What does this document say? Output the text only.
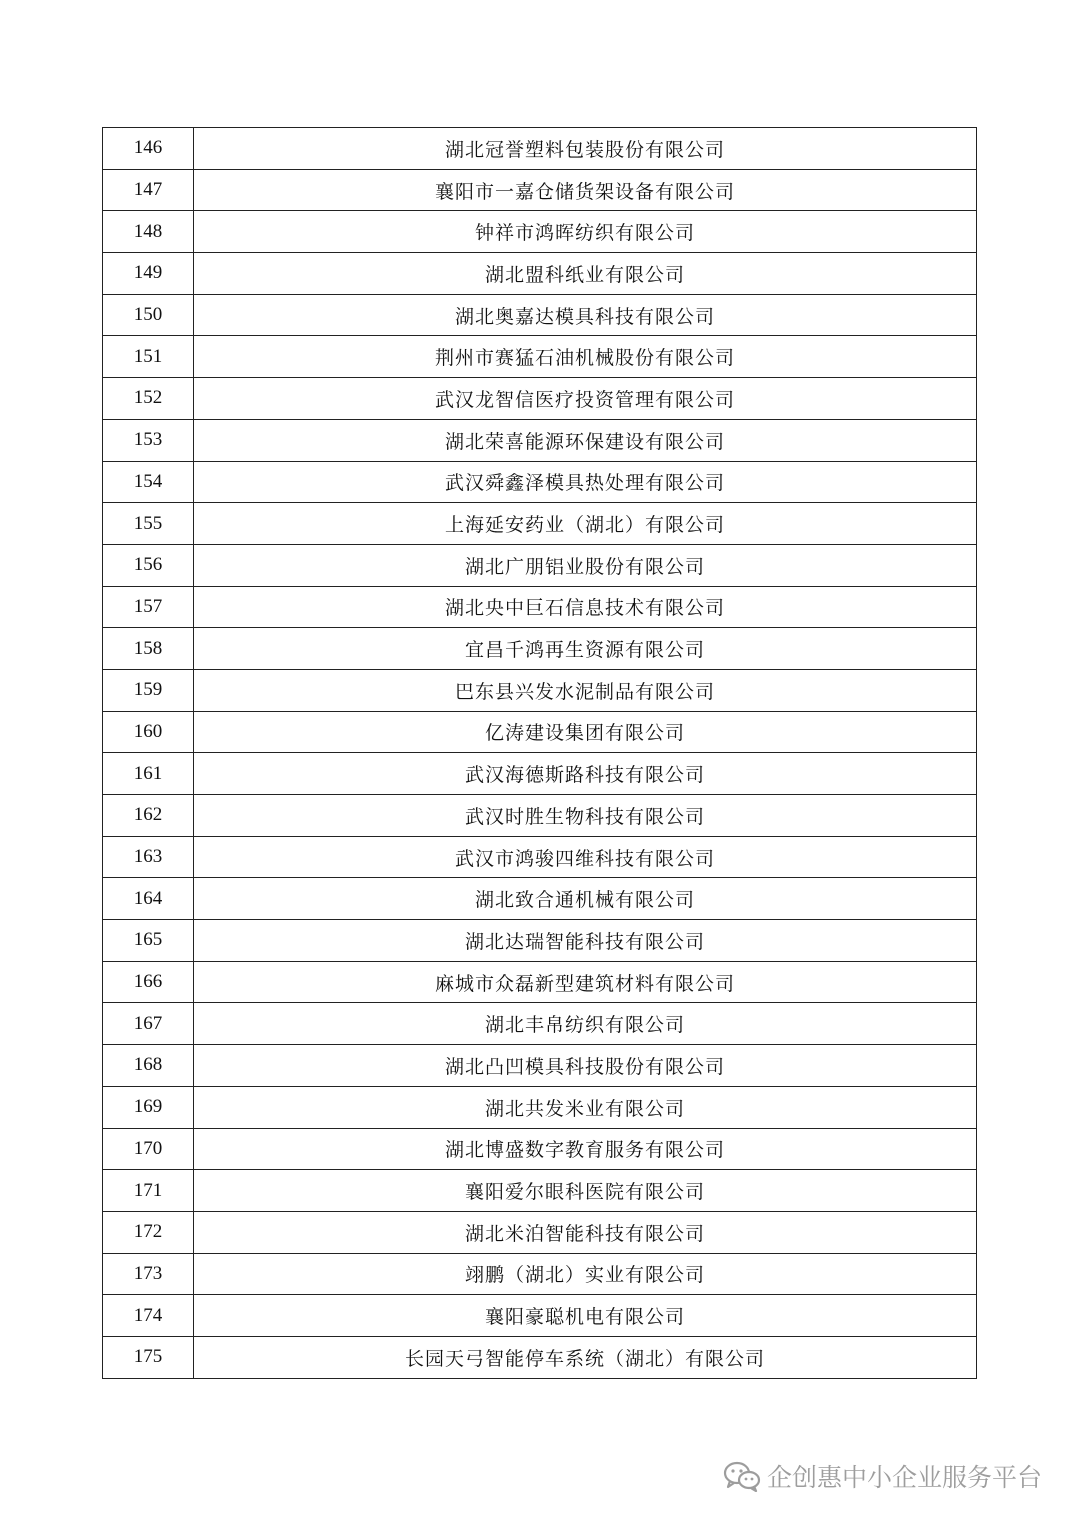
146	湖北冠誉塑料包装股份有限公司
147	襄阳市一嘉仓储货架设备有限公司
148	钟祥市鸿晖纺织有限公司
149	湖北盟科纸业有限公司
150	湖北奥嘉达模具科技有限公司
151	荆州市赛猛石油机械股份有限公司
152	武汉龙智信医疗投资管理有限公司
153	湖北荣喜能源环保建设有限公司
154	武汉舜鑫泽模具热处理有限公司
155	上海延安药业（湖北）有限公司
156	湖北广朋铝业股份有限公司
157	湖北央中巨石信息技术有限公司
158	宜昌千鸿再生资源有限公司
159	巴东县兴发水泥制品有限公司
160	亿涛建设集团有限公司
161	武汉海德斯路科技有限公司
162	武汉时胜生物科技有限公司
163	武汉市鸿骏四维科技有限公司
164	湖北致合通机械有限公司
165	湖北达瑞智能科技有限公司
166	麻城市众磊新型建筑材料有限公司
167	湖北丰帛纺织有限公司
168	湖北凸凹模具科技股份有限公司
169	湖北共发米业有限公司
170	湖北博盛数字教育服务有限公司
171	襄阳爱尔眼科医院有限公司
172	湖北米泊智能科技有限公司
173	翊鹏（湖北）实业有限公司
174	襄阳豪聪机电有限公司
175	长园天弓智能停车系统（湖北）有限公司
企创惠中小企业服务平台
